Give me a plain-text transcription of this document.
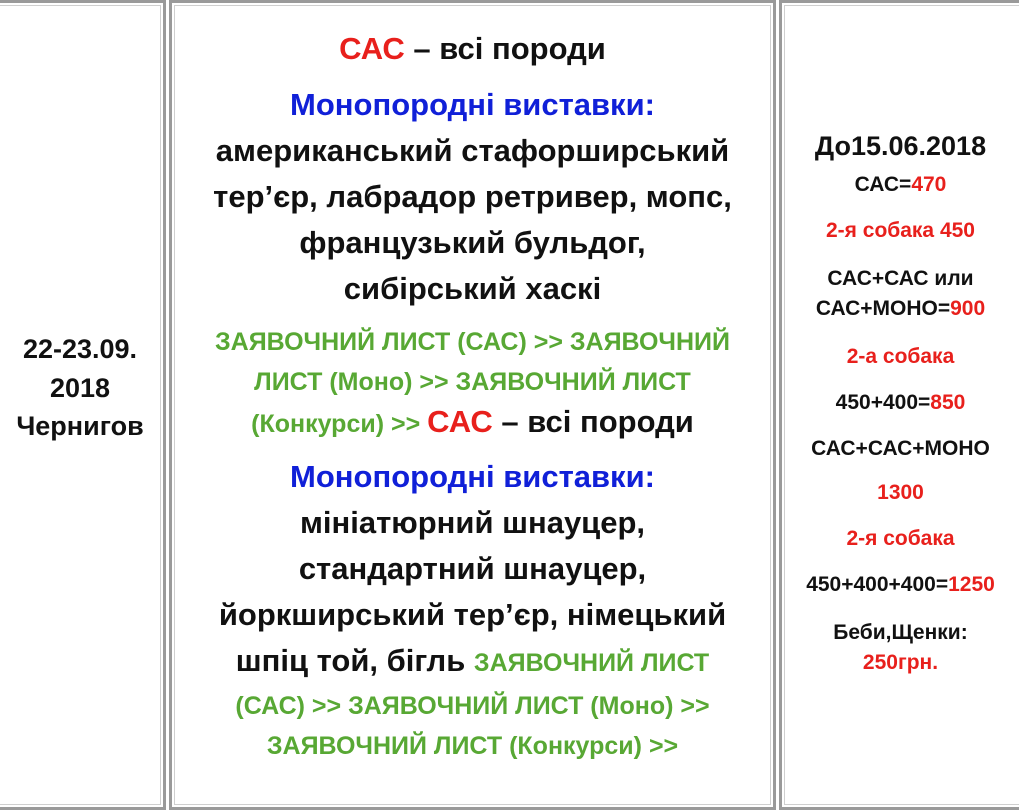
22-23.09.
2018
Чернигов
САС – всі породи
Монопородні виставки:
американський стафорширський
тер’єр, лабрадор ретривер, мопс,
французький бульдог,
сибірський хаскі
ЗАЯВОЧНИЙ ЛИСТ (САС) >> ЗАЯВОЧНИЙ
ЛИСТ (Моно) >> ЗАЯВОЧНИЙ ЛИСТ
(Конкурси) >> САС – всі породи
Монопородні виставки:
мініатюрний шнауцер,
стандартний шнауцер,
йоркширський тер’єр, німецький
шпіц той, бігль ЗАЯВОЧНИЙ ЛИСТ
(САС) >> ЗАЯВОЧНИЙ ЛИСТ (Моно) >>
ЗАЯВОЧНИЙ ЛИСТ (Конкурси) >>
До15.06.2018
САС=470
2-я собака 450
САС+САС или
САС+МОНО=900
2-а собака
450+400=850
САС+САС+МОНО
1300
2-я собака
450+400+400=1250
Беби,Щенки:
250грн.
